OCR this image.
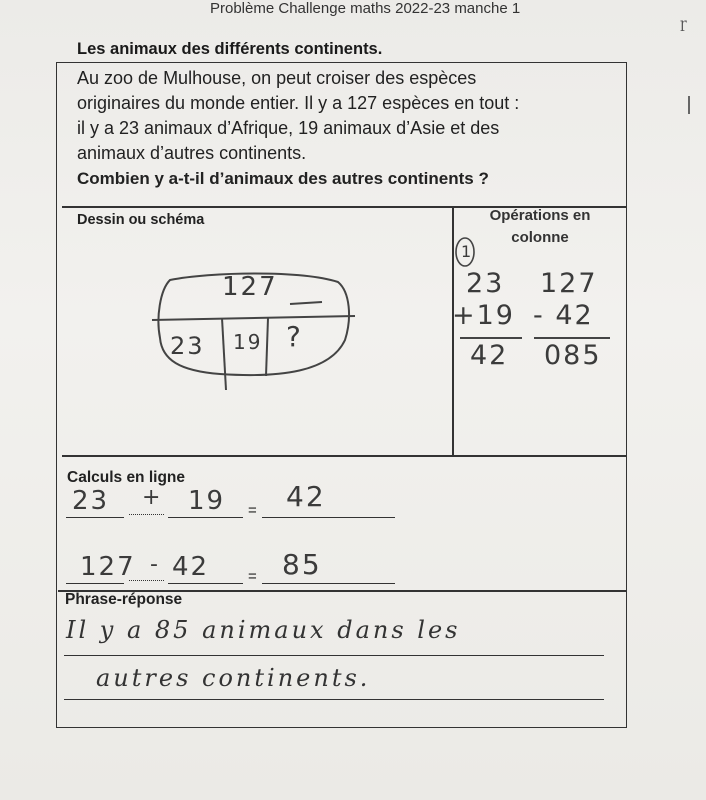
Problème Challenge maths 2022-23 manche 1
ɼ
Les animaux des différents continents.

Au zoo de Mulhouse, on peut croiser des espèces

originaires du monde entier. Il y a 127 espèces en tout :

il y a 23 animaux d’Afrique, 19 animaux d’Asie et des

animaux d’autres continents.

Combien y a-t-il d’animaux des autres continents ?

Dessin ou schéma
127
23 19 ?
Opérations en
colonne
1
23
+19
42
127
- 42
085
Calculs en ligne
=
23 + 19 42
=
127 - 42	85
Phrase-réponse
Il y a 85 animaux dans les
autres continents.
